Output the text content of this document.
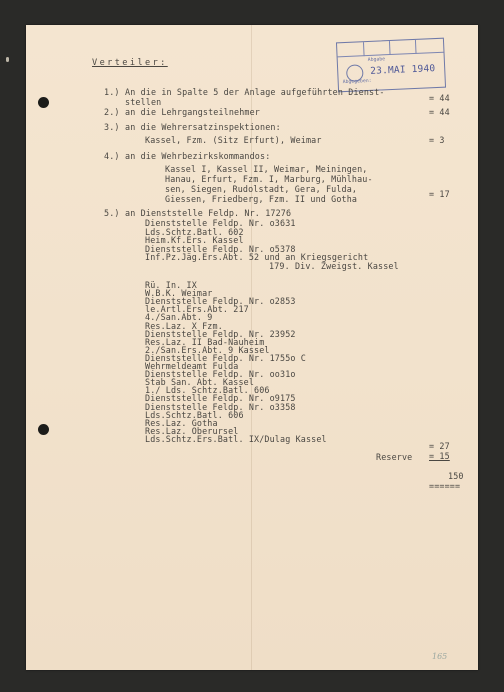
23.MAI 1940
Abgabe
Abgegeben:

Verteiler:

1.) An die in Spalte 5 der Anlage aufgeführten Dienst-

stellen	= 44

2.) an die Lehrgangsteilnehmer	= 44

3.) an die Wehrersatzinspektionen:

Kassel, Fzm. (Sitz Erfurt), Weimar	= 3

4.) an die Wehrbezirkskommandos:

Kassel I, Kassel II, Weimar, Meiningen,

Hanau, Erfurt, Fzm. I, Marburg, Mühlhau-

sen, Siegen, Rudolstadt, Gera, Fulda,

Giessen, Friedberg, Fzm. II und Gotha	= 17

5.) an Dienststelle Feldp. Nr. 17276

Dienststelle Feldp. Nr. o3631

Lds.Schtz.Batl. 602

Heim.Kf.Ers. Kassel

Dienststelle Feldp. Nr. o5378

Inf.Pz.Jäg.Ers.Abt. 52 und an Kriegsgericht

179. Div. Zweigst. Kassel

Rü. In. IX

W.B.K. Weimar

Dienststelle Feldp. Nr. o2853

le.Artl.Ers.Abt. 217

4./San.Abt. 9

Res.Laz. X Fzm.

Dienststelle Feldp. Nr. 23952

Res.Laz. II Bad-Nauheim

2./San.Ers.Abt. 9 Kassel

Dienststelle Feldp. Nr. 1755o C

Wehrmeldeamt Fulda

Dienststelle Feldp. Nr. oo31o

Stab San. Abt. Kassel

1./ Lds. Schtz.Batl. 606

Dienststelle Feldp. Nr. o9175

Dienststelle Feldp. Nr. o3358

Lds.Schtz.Batl. 606

Res.Laz. Gotha

Res.Laz. Oberursel

Lds.Schtz.Ers.Batl. IX/Dulag Kassel

= 27

Reserve = 15

150

======

165
